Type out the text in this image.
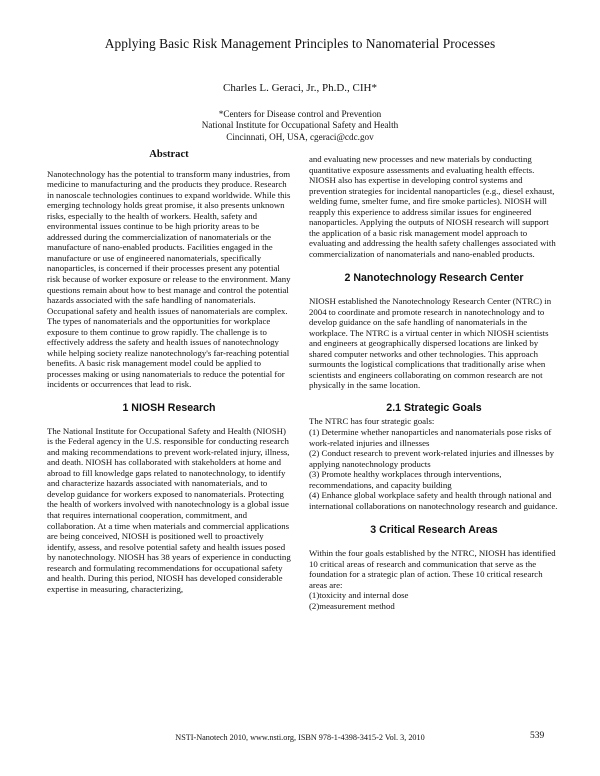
Applying Basic Risk Management Principles to Nanomaterial Processes
Charles L. Geraci, Jr., Ph.D., CIH*
*Centers for Disease control and Prevention
National Institute for Occupational Safety and Health
Cincinnati, OH, USA, cgeraci@cdc.gov
Abstract

Nanotechnology has the potential to transform many industries, from medicine to manufacturing and the products they produce. Research in nanoscale technologies continues to expand worldwide. While this emerging technology holds great promise, it also presents unknown risks, especially to the health of workers. Health, safety and environmental issues continue to be high priority areas to be addressed during the commercialization of nanomaterials or the manufacture of nano-enabled products. Facilities engaged in the manufacture or use of engineered nanomaterials, specifically nanoparticles, is concerned if their processes present any potential risk because of worker exposure or release to the environment. Many questions remain about how to best manage and control the potential hazards associated with the safe handling of nanomaterials. Occupational safety and health issues of nanomaterials are complex. The types of nanomaterials and the opportunities for workplace exposure to them continue to grow rapidly. The challenge is to effectively address the safety and health issues of nanotechnology while helping society realize nanotechnology's far-reaching potential benefits. A basic risk management model could be applied to processes making or using nanomaterials to reduce the potential for incidents or occurrences that lead to risk.

1 NIOSH Research

The National Institute for Occupational Safety and Health (NIOSH) is the Federal agency in the U.S. responsible for conducting research and making recommendations to prevent work-related injury, illness, and death. NIOSH has collaborated with stakeholders at home and abroad to fill knowledge gaps related to nanotechnology, to identify and characterize hazards associated with nanomaterials, and to develop guidance for workers exposed to nanomaterials. Protecting the health of workers involved with nanotechnology is a global issue that requires international cooperation, commitment, and collaboration. At a time when materials and commercial applications are being conceived, NIOSH is positioned well to proactively identify, assess, and resolve potential safety and health issues posed by nanotechnology. NIOSH has 38 years of experience in conducting research and formulating recommendations for occupational safety and health. During this period, NIOSH has developed considerable expertise in measuring, characterizing,

and evaluating new processes and new materials by conducting quantitative exposure assessments and evaluating health effects. NIOSH also has expertise in developing control systems and prevention strategies for incidental nanoparticles (e.g., diesel exhaust, welding fume, smelter fume, and fire smoke particles). NIOSH will reapply this experience to address similar issues for engineered nanoparticles. Applying the outputs of NIOSH research will support the application of a basic risk management model approach to evaluating and addressing the health safety challenges associated with commercialization of nanomaterials and nano-enabled products.

2 Nanotechnology Research Center

NIOSH established the Nanotechnology Research Center (NTRC) in 2004 to coordinate and promote research in nanotechnology and to develop guidance on the safe handling of nanomaterials in the workplace. The NTRC is a virtual center in which NIOSH scientists and engineers at geographically dispersed locations are linked by shared computer networks and other technologies. This approach surmounts the logistical complications that traditionally arise when scientists and engineers collaborating on common research are not physically in the same location.

2.1 Strategic Goals

The NTRC has four strategic goals:

(1) Determine whether nanoparticles and nanomaterials pose risks of work-related injuries and illnesses

(2) Conduct research to prevent work-related injuries and illnesses by applying nanotechnology products

(3) Promote healthy workplaces through interventions, recommendations, and capacity building

(4) Enhance global workplace safety and health through national and international collaborations on nanotechnology research and guidance.

3 Critical Research Areas

Within the four goals established by the NTRC, NIOSH has identified 10 critical areas of research and communication that serve as the foundation for a strategic plan of action. These 10 critical research areas are:

(1)toxicity and internal dose

(2)measurement method

NSTI-Nanotech 2010, www.nsti.org, ISBN 978-1-4398-3415-2 Vol. 3, 2010	539
